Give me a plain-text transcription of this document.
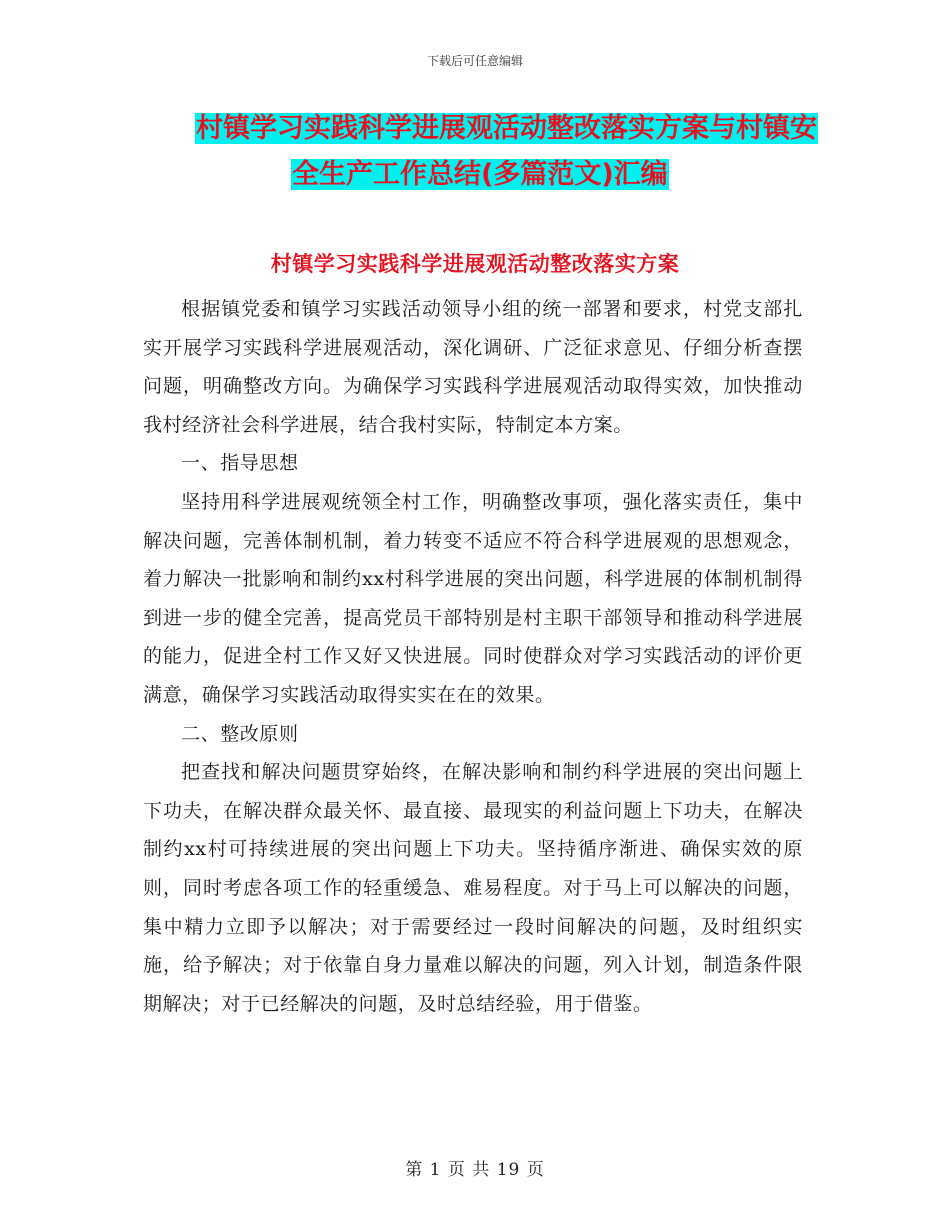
下载后可任意编辑
村镇学习实践科学进展观活动整改落实方案与村镇安
全生产工作总结(多篇范文)汇编
村镇学习实践科学进展观活动整改落实方案

根据镇党委和镇学习实践活动领导小组的统一部署和要求，村党支部扎实开展学习实践科学进展观活动，深化调研、广泛征求意见、仔细分析查摆问题，明确整改方向。为确保学习实践科学进展观活动取得实效，加快推动我村经济社会科学进展，结合我村实际，特制定本方案。

一、指导思想

坚持用科学进展观统领全村工作，明确整改事项，强化落实责任，集中解决问题，完善体制机制，着力转变不适应不符合科学进展观的思想观念，着力解决一批影响和制约xx村科学进展的突出问题，科学进展的体制机制得到进一步的健全完善，提高党员干部特别是村主职干部领导和推动科学进展的能力，促进全村工作又好又快进展。同时使群众对学习实践活动的评价更满意，确保学习实践活动取得实实在在的效果。

二、整改原则

把查找和解决问题贯穿始终，在解决影响和制约科学进展的突出问题上下功夫，在解决群众最关怀、最直接、最现实的利益问题上下功夫，在解决制约xx村可持续进展的突出问题上下功夫。坚持循序渐进、确保实效的原则，同时考虑各项工作的轻重缓急、难易程度。对于马上可以解决的问题，集中精力立即予以解决；对于需要经过一段时间解决的问题，及时组织实施，给予解决；对于依靠自身力量难以解决的问题，列入计划，制造条件限期解决；对于已经解决的问题，及时总结经验，用于借鉴。

第 1 页 共 19 页
